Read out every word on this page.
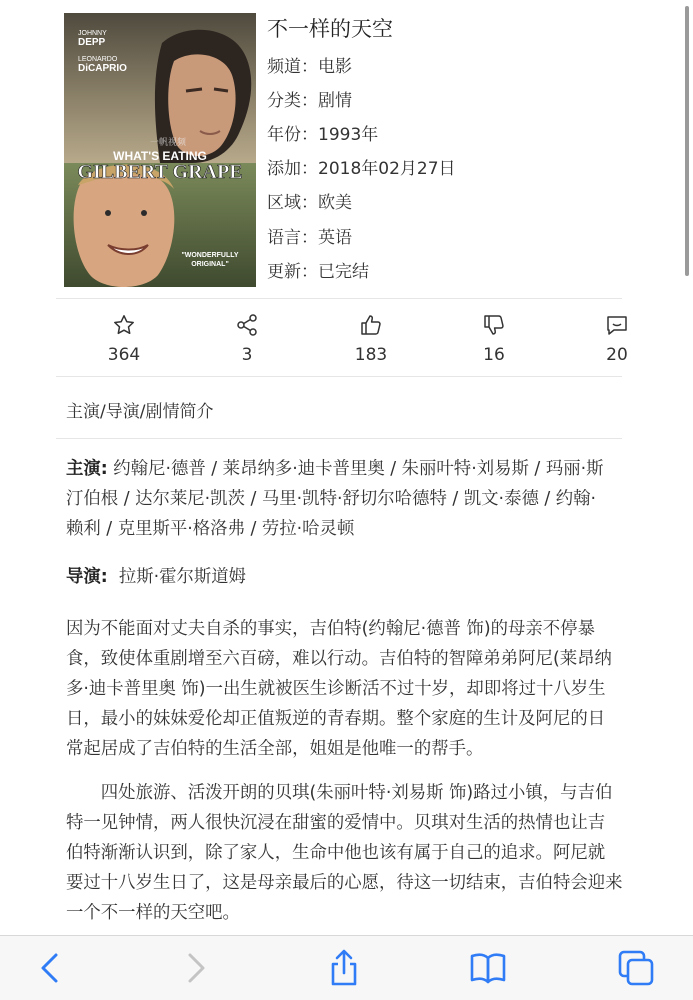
JOHNNY
DEPP
LEONARDO
DiCAPRIO
一帆视频
WHAT'S EATING
GILBERT GRAPE
"WONDERFULLY
ORIGINAL"
不一样的天空
频道：电影
分类：剧情
年份：1993年
添加：2018年02月27日
区域：欧美
语言：英语
更新：已完结
364	3	183	16	20
主演/导演/剧情简介
主演: 约翰尼·德普 / 莱昂纳多·迪卡普里奥 / 朱丽叶特·刘易斯 / 玛丽·斯
汀伯根 / 达尔莱尼·凯茨 / 马里·凯特·舒切尔哈德特 / 凯文·泰德 / 约翰·
赖利 / 克里斯平·格洛弗 / 劳拉·哈灵顿
导演: 拉斯·霍尔斯道姆
因为不能面对丈夫自杀的事实，吉伯特(约翰尼·德普 饰)的母亲不停暴
食，致使体重剧增至六百磅，难以行动。吉伯特的智障弟弟阿尼(莱昂纳
多·迪卡普里奥 饰)一出生就被医生诊断活不过十岁，却即将过十八岁生
日，最小的妹妹爱伦却正值叛逆的青春期。整个家庭的生计及阿尼的日
常起居成了吉伯特的生活全部，姐姐是他唯一的帮手。
　　四处旅游、活泼开朗的贝琪(朱丽叶特·刘易斯 饰)路过小镇，与吉伯
特一见钟情，两人很快沉浸在甜蜜的爱情中。贝琪对生活的热情也让吉
伯特渐渐认识到，除了家人，生命中他也该有属于自己的追求。阿尼就
要过十八岁生日了，这是母亲最后的心愿，待这一切结束，吉伯特会迎来
一个不一样的天空吧。
